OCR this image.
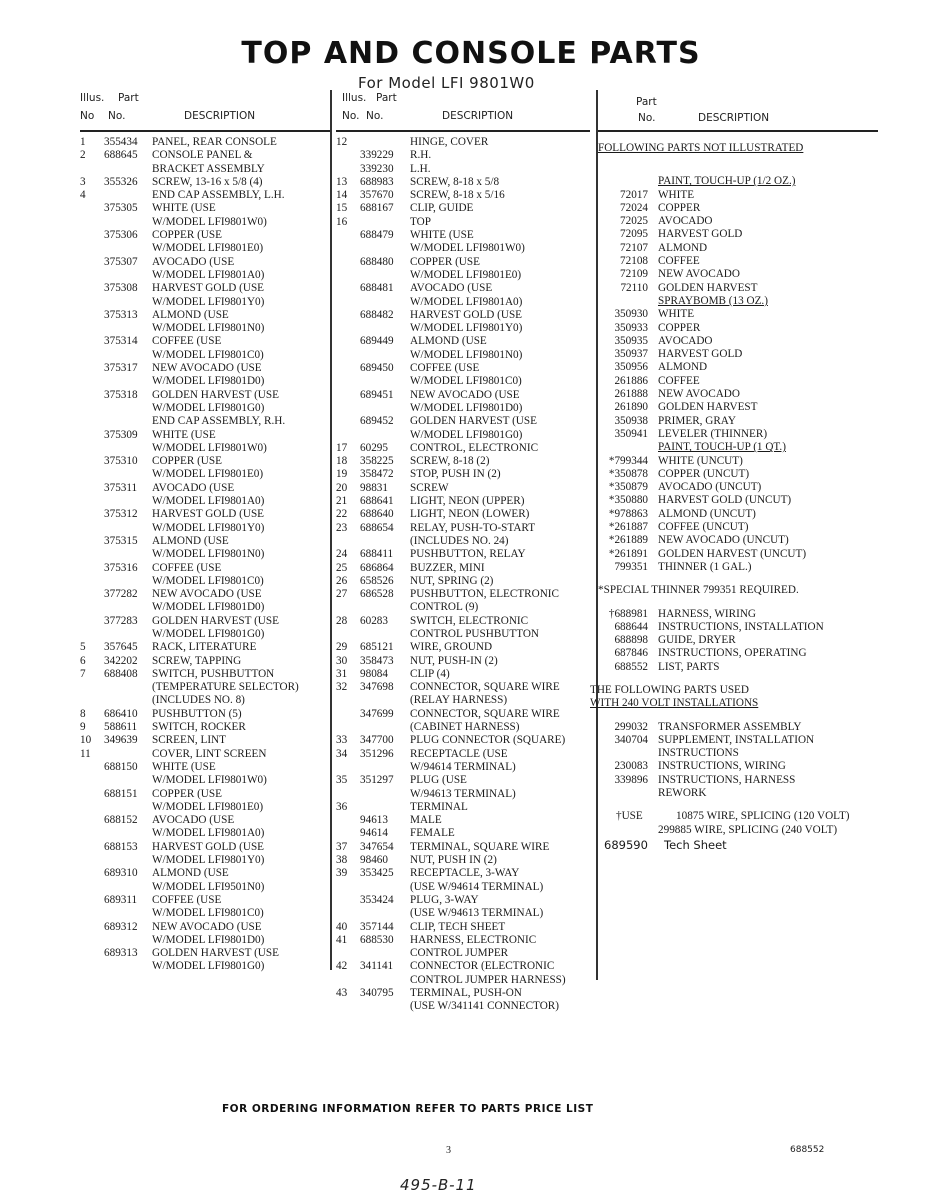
TOP AND CONSOLE PARTS
For Model LFI 9801W0
Illus. Part
No No.	DESCRIPTION
1	355434	PANEL, REAR CONSOLE
2	688645	CONSOLE PANEL &
BRACKET ASSEMBLY
3	355326	SCREW, 13-16 x 5/8 (4)
4	END CAP ASSEMBLY, L.H.
375305	WHITE (USE
W/MODEL LFI9801W0)
375306	COPPER (USE
W/MODEL LFI9801E0)
375307	AVOCADO (USE
W/MODEL LFI9801A0)
375308	HARVEST GOLD (USE
W/MODEL LFI9801Y0)
375313	ALMOND (USE
W/MODEL LFI9801N0)
375314	COFFEE (USE
W/MODEL LFI9801C0)
375317	NEW AVOCADO (USE
W/MODEL LFI9801D0)
375318	GOLDEN HARVEST (USE
W/MODEL LFI9801G0)
END CAP ASSEMBLY, R.H.
375309	WHITE (USE
W/MODEL LFI9801W0)
375310	COPPER (USE
W/MODEL LFI9801E0)
375311	AVOCADO (USE
W/MODEL LFI9801A0)
375312	HARVEST GOLD (USE
W/MODEL LFI9801Y0)
375315	ALMOND (USE
W/MODEL LFI9801N0)
375316	COFFEE (USE
W/MODEL LFI9801C0)
377282	NEW AVOCADO (USE
W/MODEL LFI9801D0)
377283	GOLDEN HARVEST (USE
W/MODEL LFI9801G0)
5	357645	RACK, LITERATURE
6	342202	SCREW, TAPPING
7	688408	SWITCH, PUSHBUTTON
(TEMPERATURE SELECTOR)
(INCLUDES NO. 8)
8	686410	PUSHBUTTON (5)
9	588611	SWITCH, ROCKER
10	349639	SCREEN, LINT
11	COVER, LINT SCREEN
688150	WHITE (USE
W/MODEL LFI9801W0)
688151	COPPER (USE
W/MODEL LFI9801E0)
688152	AVOCADO (USE
W/MODEL LFI9801A0)
688153	HARVEST GOLD (USE
W/MODEL LFI9801Y0)
689310	ALMOND (USE
W/MODEL LFI9501N0)
689311	COFFEE (USE
W/MODEL LFI9801C0)
689312	NEW AVOCADO (USE
W/MODEL LFI9801D0)
689313	GOLDEN HARVEST (USE
W/MODEL LFI9801G0)
Illus. Part
No. No.	DESCRIPTION
12	HINGE, COVER
339229	R.H.
339230	L.H.
13	688983	SCREW, 8-18 x 5/8
14	357670	SCREW, 8-18 x 5/16
15	688167	CLIP, GUIDE
16	TOP
688479	WHITE (USE
W/MODEL LFI9801W0)
688480	COPPER (USE
W/MODEL LFI9801E0)
688481	AVOCADO (USE
W/MODEL LFI9801A0)
688482	HARVEST GOLD (USE
W/MODEL LFI9801Y0)
689449	ALMOND (USE
W/MODEL LFI9801N0)
689450	COFFEE (USE
W/MODEL LFI9801C0)
689451	NEW AVOCADO (USE
W/MODEL LFI9801D0)
689452	GOLDEN HARVEST (USE
W/MODEL LFI9801G0)
17	60295	CONTROL, ELECTRONIC
18	358225	SCREW, 8-18 (2)
19	358472	STOP, PUSH IN (2)
20	98831	SCREW
21	688641	LIGHT, NEON (UPPER)
22	688640	LIGHT, NEON (LOWER)
23	688654	RELAY, PUSH-TO-START
(INCLUDES NO. 24)
24	688411	PUSHBUTTON, RELAY
25	686864	BUZZER, MINI
26	658526	NUT, SPRING (2)
27	686528	PUSHBUTTON, ELECTRONIC
CONTROL (9)
28	60283	SWITCH, ELECTRONIC
CONTROL PUSHBUTTON
29	685121	WIRE, GROUND
30	358473	NUT, PUSH-IN (2)
31	98084	CLIP (4)
32	347698	CONNECTOR, SQUARE WIRE
(RELAY HARNESS)
347699	CONNECTOR, SQUARE WIRE
(CABINET HARNESS)
33	347700	PLUG CONNECTOR (SQUARE)
34	351296	RECEPTACLE (USE
W/94614 TERMINAL)
35	351297	PLUG (USE
W/94613 TERMINAL)
36	TERMINAL
94613	MALE
94614	FEMALE
37	347654	TERMINAL, SQUARE WIRE
38	98460	NUT, PUSH IN (2)
39	353425	RECEPTACLE, 3-WAY
(USE W/94614 TERMINAL)
353424	PLUG, 3-WAY
(USE W/94613 TERMINAL)
40	357144	CLIP, TECH SHEET
41	688530	HARNESS, ELECTRONIC
CONTROL JUMPER
42	341141	CONNECTOR (ELECTRONIC
CONTROL JUMPER HARNESS)
43	340795	TERMINAL, PUSH-ON
(USE W/341141 CONNECTOR)
Part
No.	DESCRIPTION
FOLLOWING PARTS NOT ILLUSTRATED
PAINT, TOUCH-UP (1/2 OZ.)
72017 WHITE
72024 COPPER
72025 AVOCADO
72095 HARVEST GOLD
72107 ALMOND
72108 COFFEE
72109 NEW AVOCADO
72110 GOLDEN HARVEST
SPRAYBOMB (13 OZ.)
350930 WHITE
350933 COPPER
350935 AVOCADO
350937 HARVEST GOLD
350956 ALMOND
261886 COFFEE
261888 NEW AVOCADO
261890 GOLDEN HARVEST
350938 PRIMER, GRAY
350941 LEVELER (THINNER)
PAINT, TOUCH-UP (1 QT.)
*799344 WHITE (UNCUT)
*350878 COPPER (UNCUT)
*350879 AVOCADO (UNCUT)
*350880 HARVEST GOLD (UNCUT)
*978863 ALMOND (UNCUT)
*261887 COFFEE (UNCUT)
*261889 NEW AVOCADO (UNCUT)
*261891 GOLDEN HARVEST (UNCUT)
799351 THINNER (1 GAL.)
*SPECIAL THINNER 799351 REQUIRED.
†688981 HARNESS, WIRING
688644 INSTRUCTIONS, INSTALLATION
688898 GUIDE, DRYER
687846 INSTRUCTIONS, OPERATING
688552 LIST, PARTS
THE FOLLOWING PARTS USED
WITH 240 VOLT INSTALLATIONS
299032 TRANSFORMER ASSEMBLY
340704 SUPPLEMENT, INSTALLATION
INSTRUCTIONS
230083 INSTRUCTIONS, WIRING
339896 INSTRUCTIONS, HARNESS
REWORK
†USE	10875 WIRE, SPLICING (120 VOLT)
299885 WIRE, SPLICING (240 VOLT)
689590	Tech Sheet
FOR ORDERING INFORMATION REFER TO PARTS PRICE LIST
3	688552
495-B-11
